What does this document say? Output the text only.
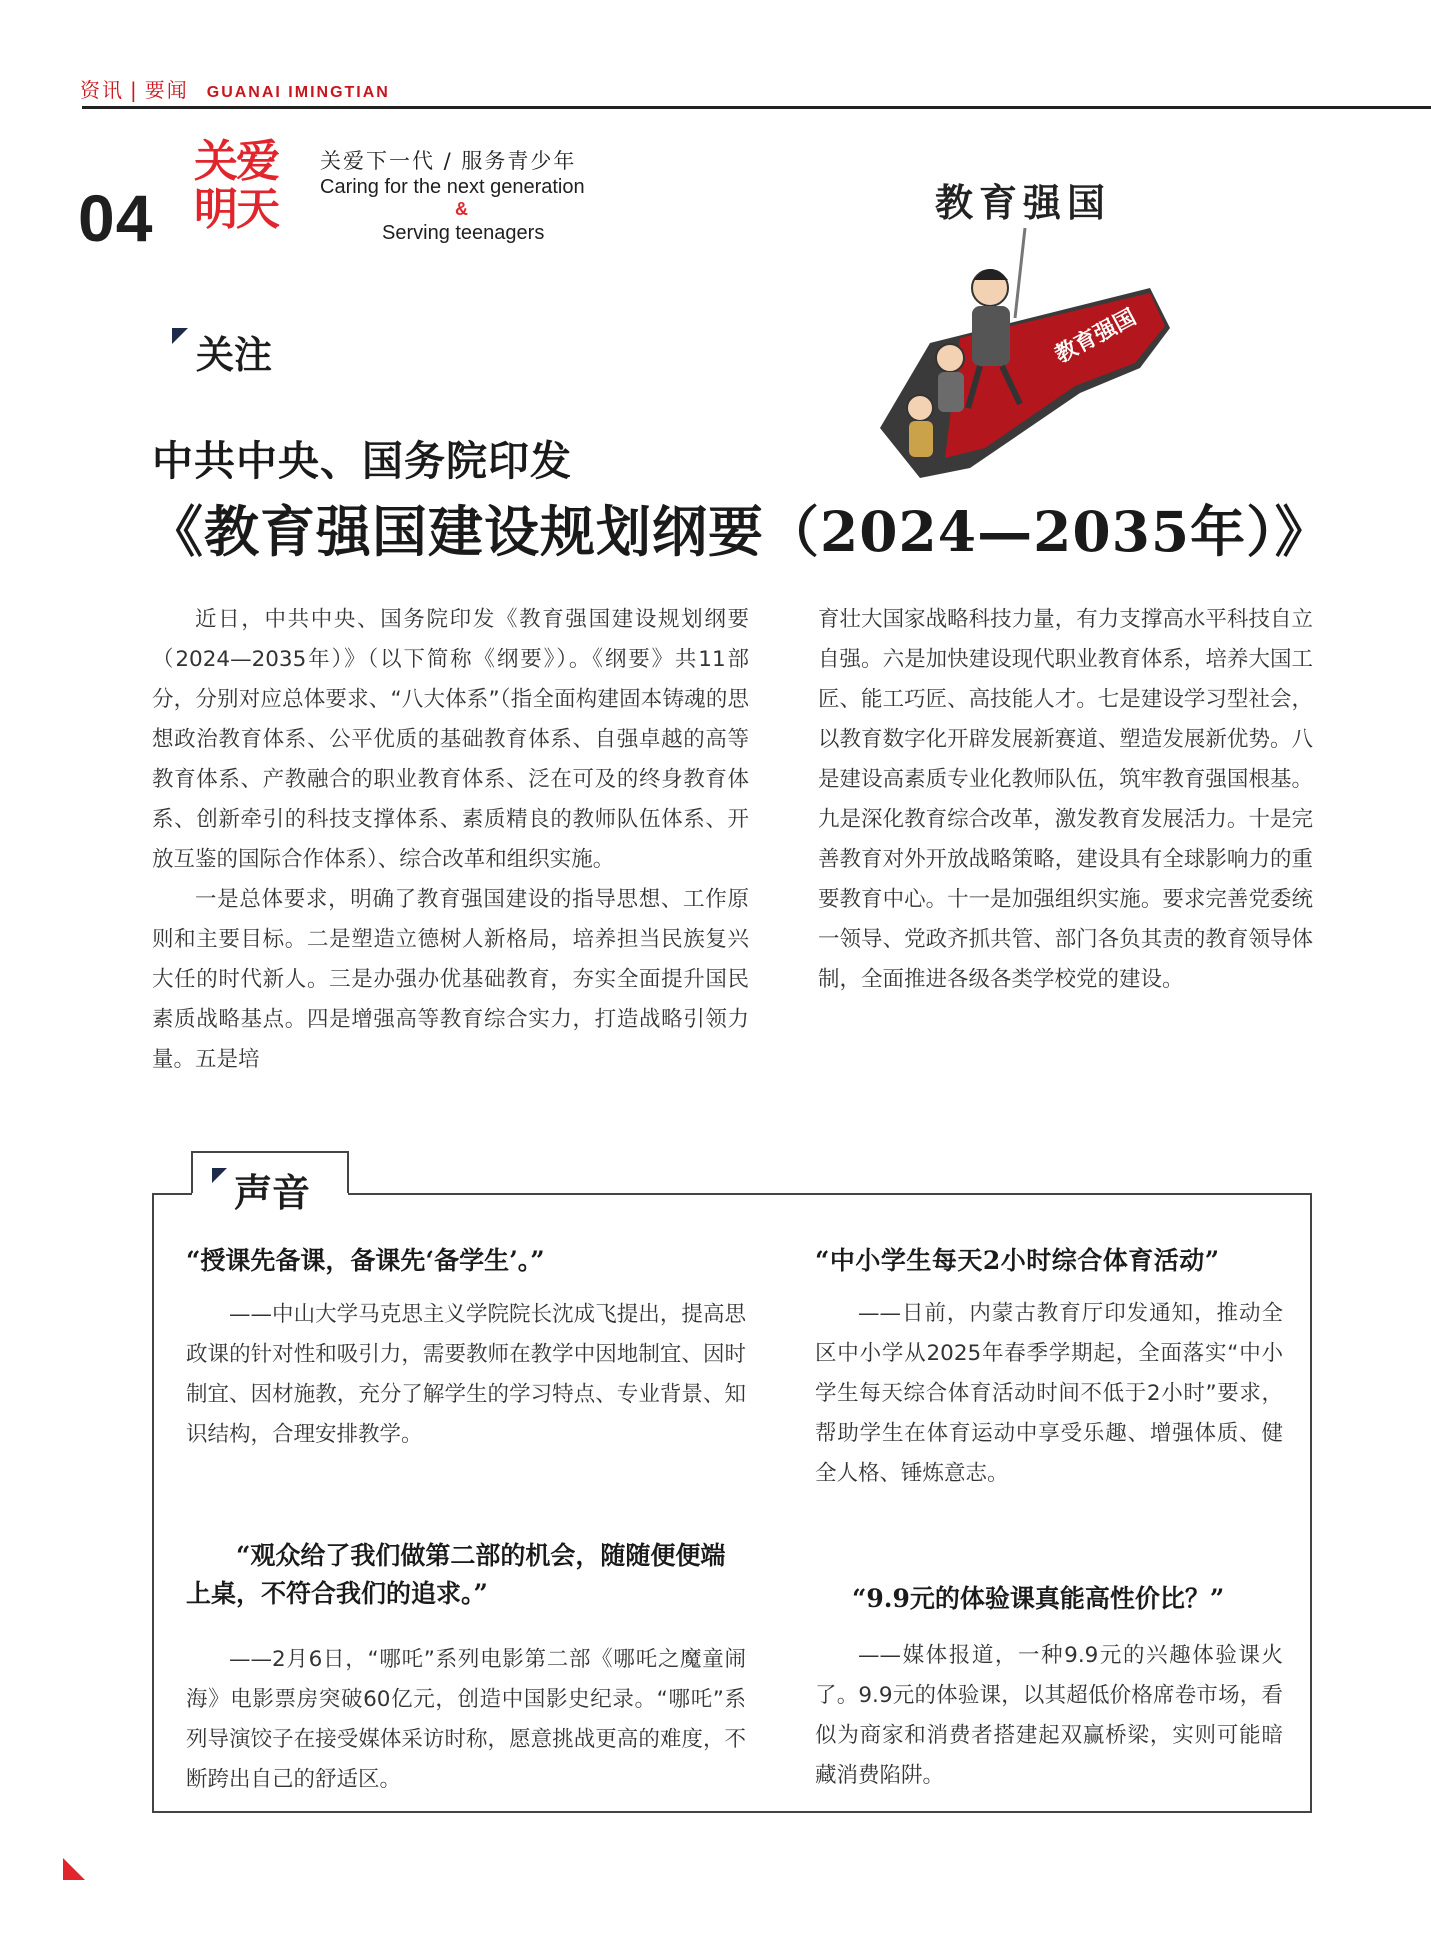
资讯 | 要闻 GUANAI IMINGTIAN
04
关爱
明天
关爱下一代 / 服务青少年
Caring for the next generation
&
Serving teenagers
教育强国
教育强国
关注
中共中央、国务院印发
《教育强国建设规划纲要（2024—2035年）》

近日，中共中央、国务院印发《教育强国建设规划纲要（2024—2035年）》（以下简称《纲要》）。《纲要》共11部分，分别对应总体要求、“八大体系”（指全面构建固本铸魂的思想政治教育体系、公平优质的基础教育体系、自强卓越的高等教育体系、产教融合的职业教育体系、泛在可及的终身教育体系、创新牵引的科技支撑体系、素质精良的教师队伍体系、开放互鉴的国际合作体系）、综合改革和组织实施。

一是总体要求，明确了教育强国建设的指导思想、工作原则和主要目标。二是塑造立德树人新格局，培养担当民族复兴大任的时代新人。三是办强办优基础教育，夯实全面提升国民素质战略基点。四是增强高等教育综合实力，打造战略引领力量。五是培

育壮大国家战略科技力量，有力支撑高水平科技自立自强。六是加快建设现代职业教育体系，培养大国工匠、能工巧匠、高技能人才。七是建设学习型社会，以教育数字化开辟发展新赛道、塑造发展新优势。八是建设高素质专业化教师队伍，筑牢教育强国根基。九是深化教育综合改革，激发教育发展活力。十是完善教育对外开放战略策略，建设具有全球影响力的重要教育中心。十一是加强组织实施。要求完善党委统一领导、党政齐抓共管、部门各负其责的教育领导体制，全面推进各级各类学校党的建设。

声音
“授课先备课，备课先‘备学生’。”

——中山大学马克思主义学院院长沈成飞提出，提高思政课的针对性和吸引力，需要教师在教学中因地制宜、因时制宜、因材施教，充分了解学生的学习特点、专业背景、知识结构，合理安排教学。

“观众给了我们做第二部的机会，随随便便端上桌，不符合我们的追求。”

——2月6日，“哪吒”系列电影第二部《哪吒之魔童闹海》电影票房突破60亿元，创造中国影史纪录。“哪吒”系列导演饺子在接受媒体采访时称，愿意挑战更高的难度，不断跨出自己的舒适区。

“中小学生每天2小时综合体育活动”

——日前，内蒙古教育厅印发通知，推动全区中小学从2025年春季学期起，全面落实“中小学生每天综合体育活动时间不低于2小时”要求，帮助学生在体育运动中享受乐趣、增强体质、健全人格、锤炼意志。

“9.9元的体验课真能高性价比？”

——媒体报道，一种9.9元的兴趣体验课火了。9.9元的体验课，以其超低价格席卷市场，看似为商家和消费者搭建起双赢桥梁，实则可能暗藏消费陷阱。
